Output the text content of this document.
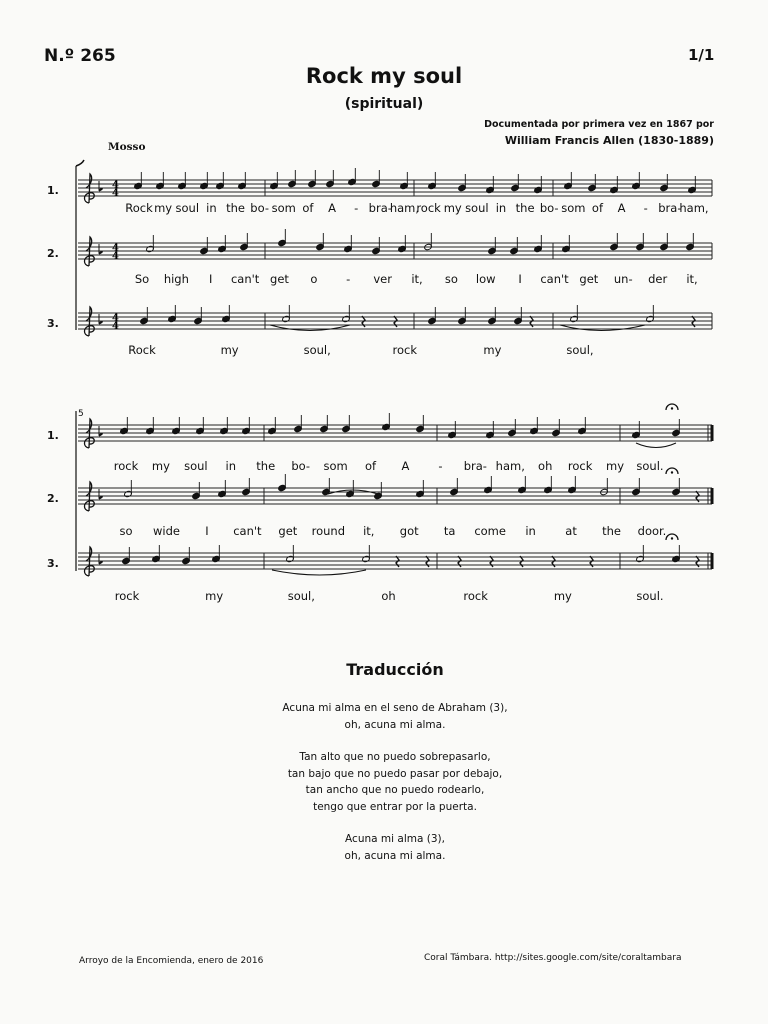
N.º 265	1/1
Rock my soul
(spiritual)
Documentada por primera vez en 1867 por
William Francis Allen (1830-1889)
Mosso
4
4
1.
4
4
2.
4
4
3.
Rock my soul in the bo- som of A - bra-
ham,
rock my soul in the bo- som of A - bra-
ham,
So high I can't get o	- ver it, so low I can't get un- der it,
Rock	my	soul,	rock	my	soul,
1.
2.
3.
5
rock my soul in the bo- som of A	- bra- ham, oh rock my soul.
so wide I can't get round it, got ta come in	at the door.
rock	my	soul,	oh	rock	my	soul.
Traducción
Acuna mi alma en el seno de Abraham (3),
oh, acuna mi alma.
Tan alto que no puedo sobrepasarlo,
tan bajo que no puedo pasar por debajo,
tan ancho que no puedo rodearlo,
tengo que entrar por la puerta.
Acuna mi alma (3),
oh, acuna mi alma.
Arroyo de la Encomienda, enero de 2016	Coral Támbara. http://sites.google.com/site/coraltambara
